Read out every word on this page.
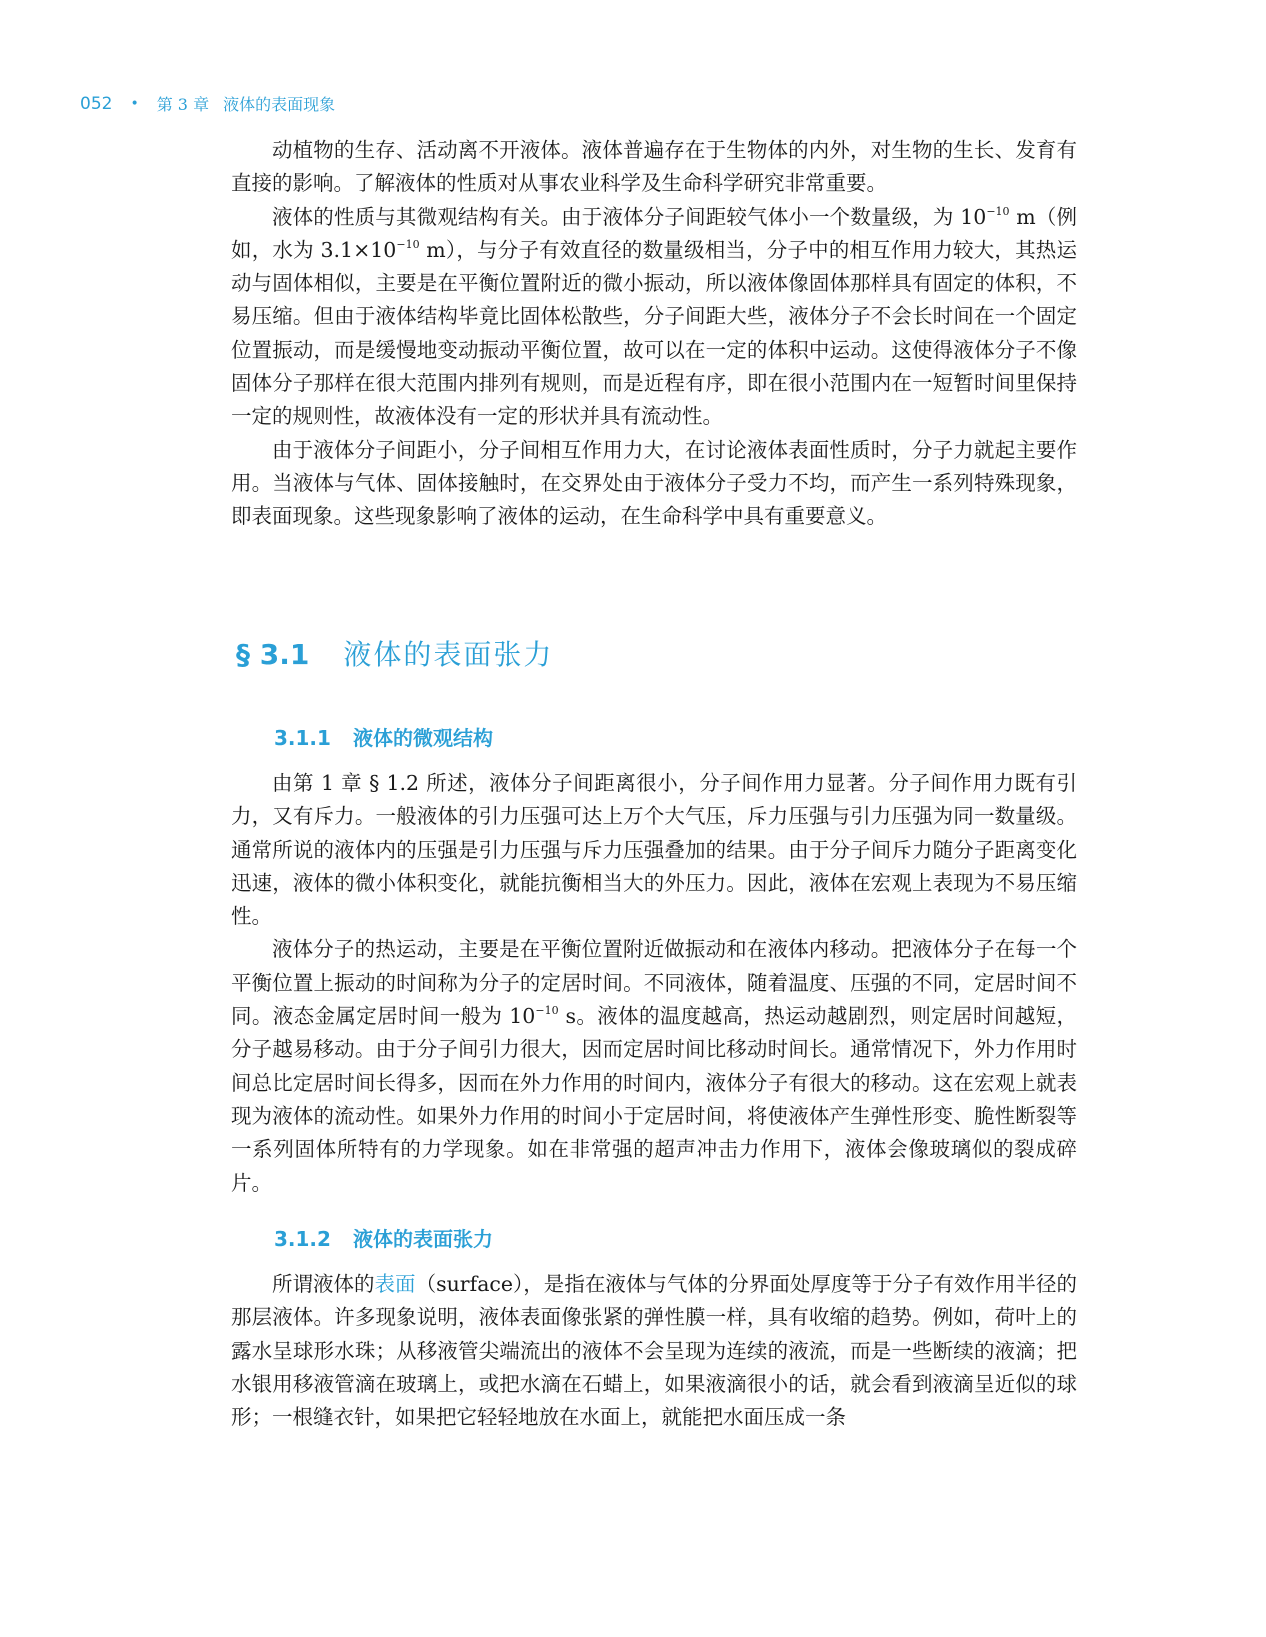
052 • 第 3 章 液体的表面现象

动植物的生存、活动离不开液体。液体普遍存在于生物体的内外，对生物的生长、发育有直接的影响。了解液体的性质对从事农业科学及生命科学研究非常重要。

液体的性质与其微观结构有关。由于液体分子间距较气体小一个数量级，为 $10^{-10}$ m（例如，水为 $3.1\times 10^{-10}$ m），与分子有效直径的数量级相当，分子中的相互作用力较大，其热运动与固体相似，主要是在平衡位置附近的微小振动，所以液体像固体那样具有固定的体积，不易压缩。但由于液体结构毕竟比固体松散些，分子间距大些，液体分子不会长时间在一个固定位置振动，而是缓慢地变动振动平衡位置，故可以在一定的体积中运动。这使得液体分子不像固体分子那样在很大范围内排列有规则，而是近程有序，即在很小范围内在一短暂时间里保持一定的规则性，故液体没有一定的形状并具有流动性。

由于液体分子间距小，分子间相互作用力大，在讨论液体表面性质时，分子力就起主要作用。当液体与气体、固体接触时，在交界处由于液体分子受力不均，而产生一系列特殊现象，即表面现象。这些现象影响了液体的运动，在生命科学中具有重要意义。

§ 3.1 液体的表面张力
3.1.1 液体的微观结构

由第 1 章 § 1.2 所述，液体分子间距离很小，分子间作用力显著。分子间作用力既有引力，又有斥力。一般液体的引力压强可达上万个大气压，斥力压强与引力压强为同一数量级。通常所说的液体内的压强是引力压强与斥力压强叠加的结果。由于分子间斥力随分子距离变化迅速，液体的微小体积变化，就能抗衡相当大的外压力。因此，液体在宏观上表现为不易压缩性。

液体分子的热运动，主要是在平衡位置附近做振动和在液体内移动。把液体分子在每一个平衡位置上振动的时间称为分子的定居时间。不同液体，随着温度、压强的不同，定居时间不同。液态金属定居时间一般为 $10^{-10}$ s。液体的温度越高，热运动越剧烈，则定居时间越短，分子越易移动。由于分子间引力很大，因而定居时间比移动时间长。通常情况下，外力作用时间总比定居时间长得多，因而在外力作用的时间内，液体分子有很大的移动。这在宏观上就表现为液体的流动性。如果外力作用的时间小于定居时间，将使液体产生弹性形变、脆性断裂等一系列固体所特有的力学现象。如在非常强的超声冲击力作用下，液体会像玻璃似的裂成碎片。

3.1.2 液体的表面张力

所谓液体的表面（surface），是指在液体与气体的分界面处厚度等于分子有效作用半径的那层液体。许多现象说明，液体表面像张紧的弹性膜一样，具有收缩的趋势。例如，荷叶上的露水呈球形水珠；从移液管尖端流出的液体不会呈现为连续的液流，而是一些断续的液滴；把水银用移液管滴在玻璃上，或把水滴在石蜡上，如果液滴很小的话，就会看到液滴呈近似的球形；一根缝衣针，如果把它轻轻地放在水面上，就能把水面压成一条
